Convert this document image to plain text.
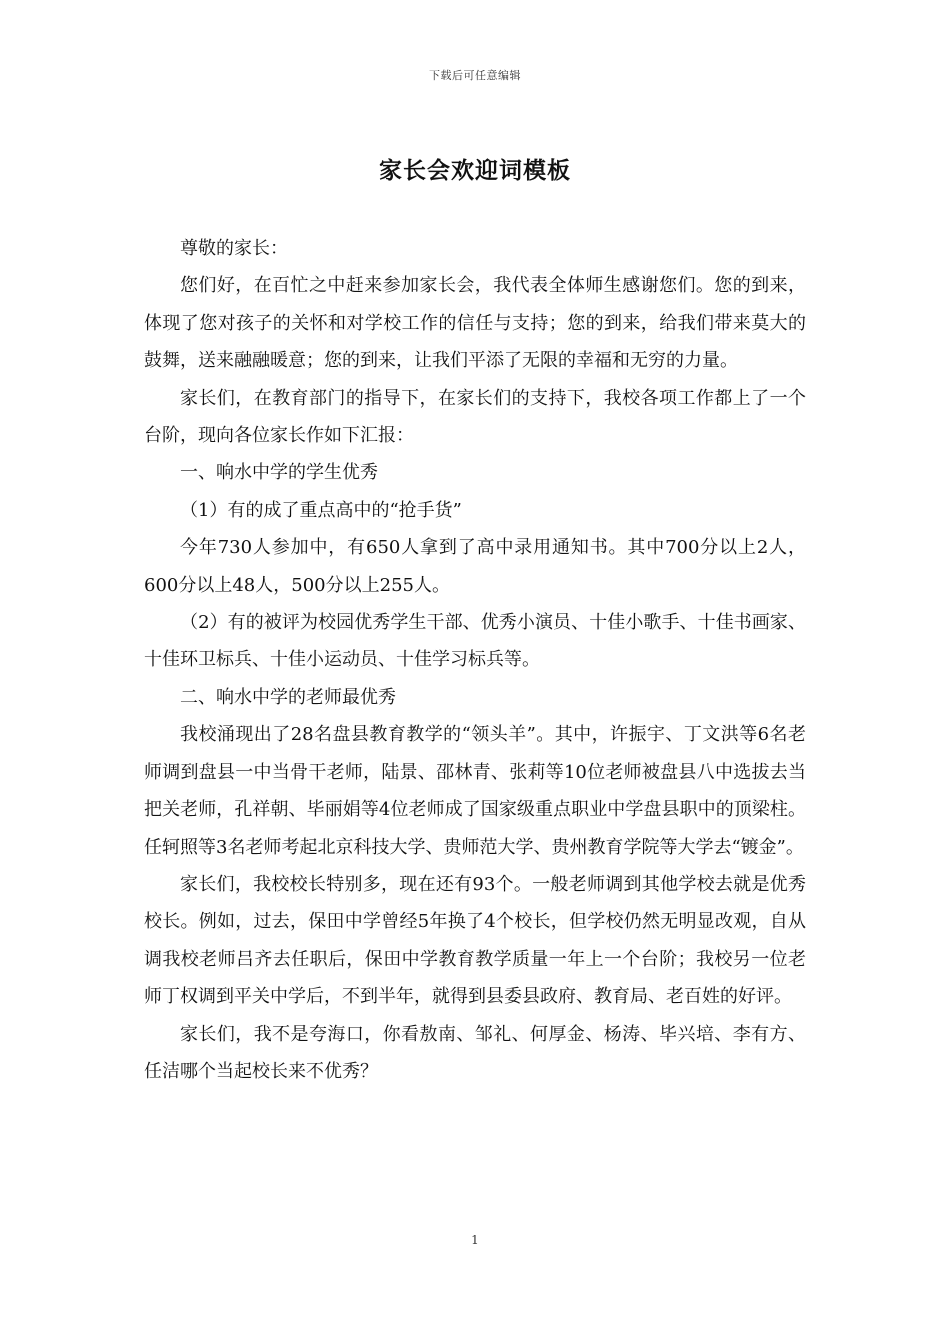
下载后可任意编辑
家长会欢迎词模板

尊敬的家长：

您们好，在百忙之中赶来参加家长会，我代表全体师生感谢您们。您的到来，体现了您对孩子的关怀和对学校工作的信任与支持；您的到来，给我们带来莫大的鼓舞，送来融融暖意；您的到来，让我们平添了无限的幸福和无穷的力量。

家长们，在教育部门的指导下，在家长们的支持下，我校各项工作都上了一个台阶，现向各位家长作如下汇报：

一、响水中学的学生优秀

（1）有的成了重点高中的“抢手货”

今年730人参加中，有650人拿到了高中录用通知书。其中700分以上2人，600分以上48人，500分以上255人。

（2）有的被评为校园优秀学生干部、优秀小演员、十佳小歌手、十佳书画家、十佳环卫标兵、十佳小运动员、十佳学习标兵等。

二、响水中学的老师最优秀

我校涌现出了28名盘县教育教学的“领头羊”。其中，许振宇、丁文洪等6名老师调到盘县一中当骨干老师，陆景、邵林青、张莉等10位老师被盘县八中选拔去当把关老师，孔祥朝、毕丽娟等4位老师成了国家级重点职业中学盘县职中的顶梁柱。任轲照等3名老师考起北京科技大学、贵师范大学、贵州教育学院等大学去“镀金”。

家长们，我校校长特别多，现在还有93个。一般老师调到其他学校去就是优秀校长。例如，过去，保田中学曾经5年换了4个校长，但学校仍然无明显改观，自从调我校老师吕齐去任职后，保田中学教育教学质量一年上一个台阶；我校另一位老师丁权调到平关中学后，不到半年，就得到县委县政府、教育局、老百姓的好评。

家长们，我不是夸海口，你看敖南、邹礼、何厚金、杨涛、毕兴培、李有方、任洁哪个当起校长来不优秀？

1
